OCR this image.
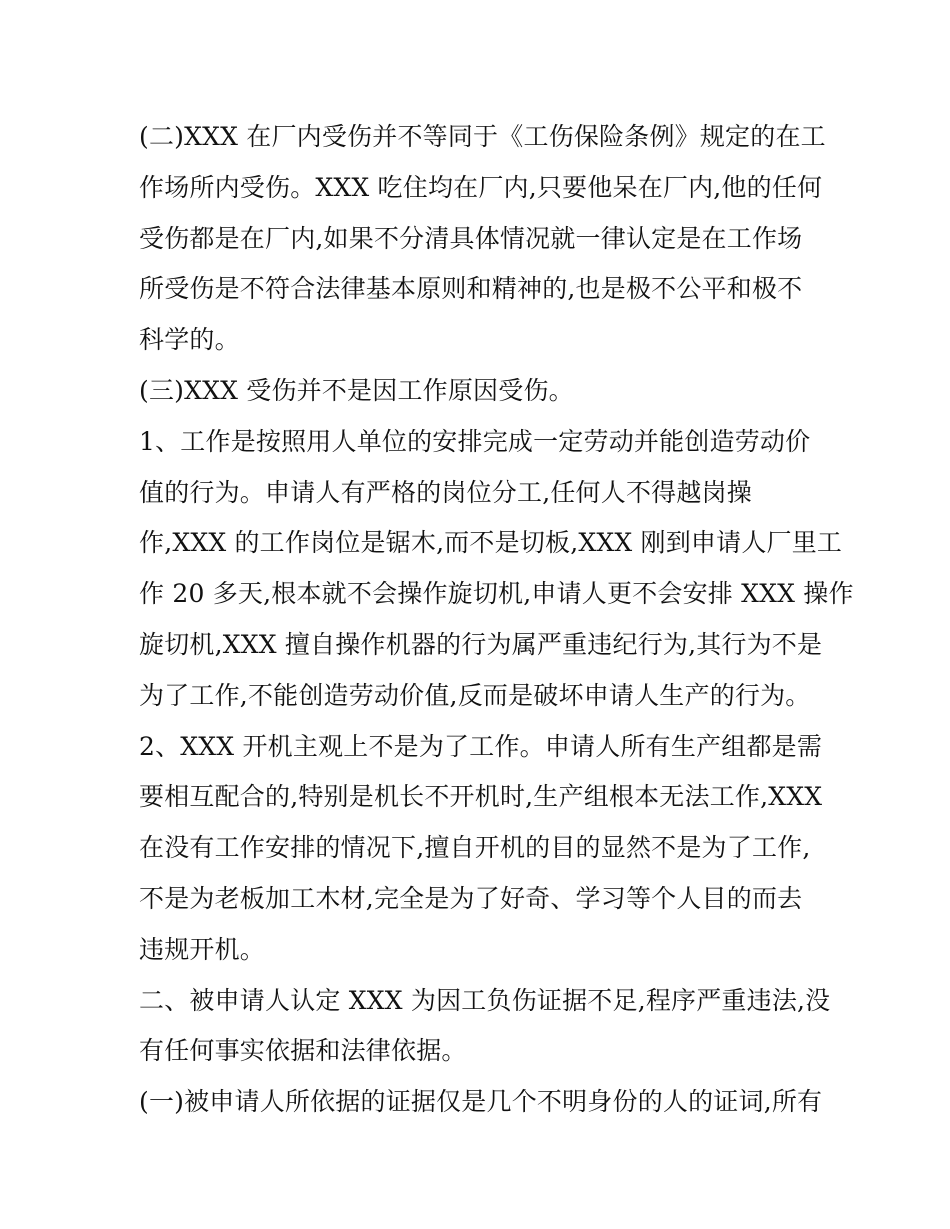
(二)XXX 在厂内受伤并不等同于《工伤保险条例》规定的在工
作场所内受伤。XXX 吃住均在厂内,只要他呆在厂内,他的任何
受伤都是在厂内,如果不分清具体情况就一律认定是在工作场
所受伤是不符合法律基本原则和精神的,也是极不公平和极不
科学的。
(三)XXX 受伤并不是因工作原因受伤。
1、工作是按照用人单位的安排完成一定劳动并能创造劳动价
值的行为。申请人有严格的岗位分工,任何人不得越岗操
作,XXX 的工作岗位是锯木,而不是切板,XXX 刚到申请人厂里工
作 20 多天,根本就不会操作旋切机,申请人更不会安排 XXX 操作
旋切机,XXX 擅自操作机器的行为属严重违纪行为,其行为不是
为了工作,不能创造劳动价值,反而是破坏申请人生产的行为。
2、XXX 开机主观上不是为了工作。申请人所有生产组都是需
要相互配合的,特别是机长不开机时,生产组根本无法工作,XXX
在没有工作安排的情况下,擅自开机的目的显然不是为了工作,
不是为老板加工木材,完全是为了好奇、学习等个人目的而去
违规开机。
二、被申请人认定 XXX 为因工负伤证据不足,程序严重违法,没
有任何事实依据和法律依据。
(一)被申请人所依据的证据仅是几个不明身份的人的证词,所有
